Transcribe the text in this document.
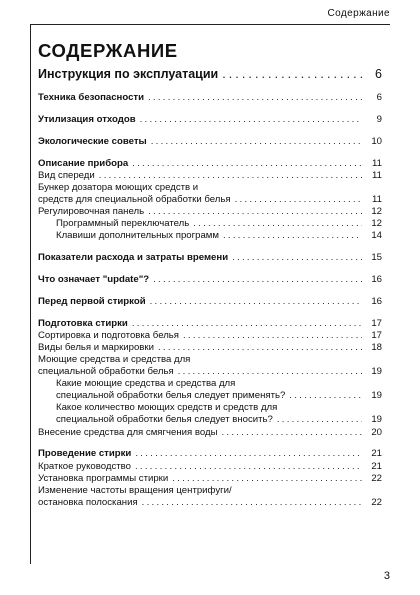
Содержание
СОДЕРЖАНИЕ
Инструкция по эксплуатации . . .	6
Техника безопасности . . .	6
Утилизация отходов . . .	9
Экологические советы . . .	10
Описание прибора . . .	11
Вид спереди . . .	11
Бункер дозатора моющих средств и
средств для специальной обработки белья . . .	11
Регулировочная панель . . .	12
Программный переключатель . . .	12
Клавиши дополнительных программ . . .	14
Показатели расхода и затраты времени . . .	15
Что означает "update"? . . .	16
Перед первой стиркой . . .	16
Подготовка стирки . . .	17
Сортировка и подготовка белья . . .	17
Виды белья и маркировки . . .	18
Моющие средства и средства для
специальной обработки белья . . .	19
Какие моющие средства и средства для
специальной обработки белья следует применять? . . .	19
Какое количество моющих средств и средств для
специальной обработки белья следует вносить? . . .	19
Внесение средства для смягчения воды . . .	20
Проведение стирки . . .	21
Краткое руководство . . .	21
Установка программы стирки . . .	22
Изменение частоты вращения центрифуги/
остановка полоскания . . .	22
3
